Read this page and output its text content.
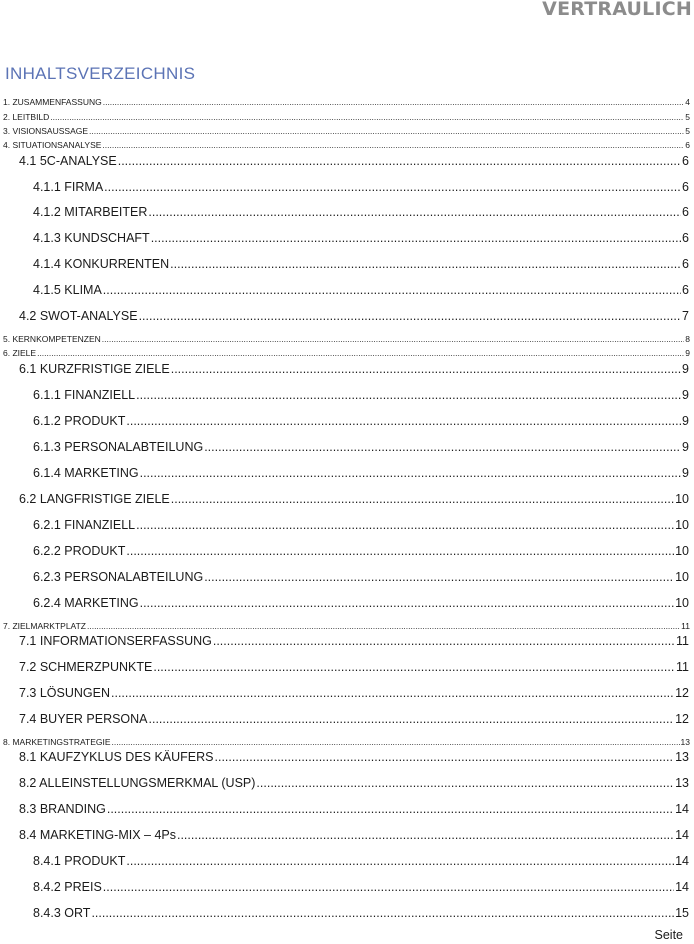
VERTRAULICH
INHALTSVERZEICHNIS
1. ZUSAMMENFASSUNG .....	4
2. LEITBILD .....	5
3. VISIONSAUSSAGE .....	5
4. SITUATIONSANALYSE .....	6
4.1 5C-ANALYSE .....	6
4.1.1 FIRMA .....	6
4.1.2 MITARBEITER .....	6
4.1.3 KUNDSCHAFT .....	6
4.1.4 KONKURRENTEN .....	6
4.1.5 KLIMA .....	6
4.2 SWOT-ANALYSE .....	7
5. KERNKOMPETENZEN .....	8
6. ZIELE .....	9
6.1 KURZFRISTIGE ZIELE .....	9
6.1.1 FINANZIELL .....	9
6.1.2 PRODUKT .....	9
6.1.3 PERSONALABTEILUNG .....	9
6.1.4 MARKETING .....	9
6.2 LANGFRISTIGE ZIELE .....	10
6.2.1 FINANZIELL .....	10
6.2.2 PRODUKT .....	10
6.2.3 PERSONALABTEILUNG .....	10
6.2.4 MARKETING .....	10
7. ZIELMARKTPLATZ .....	11
7.1 INFORMATIONSERFASSUNG .....	11
7.2 SCHMERZPUNKTE .....	11
7.3 LÖSUNGEN .....	12
7.4 BUYER PERSONA .....	12
8. MARKETINGSTRATEGIE .....	13
8.1 KAUFZYKLUS DES KÄUFERS .....	13
8.2 ALLEINSTELLUNGSMERKMAL (USP) .....	13
8.3 BRANDING .....	14
8.4 MARKETING-MIX – 4Ps .....	14
8.4.1 PRODUKT .....	14
8.4.2 PREIS .....	14
8.4.3 ORT .....	15
Seite
